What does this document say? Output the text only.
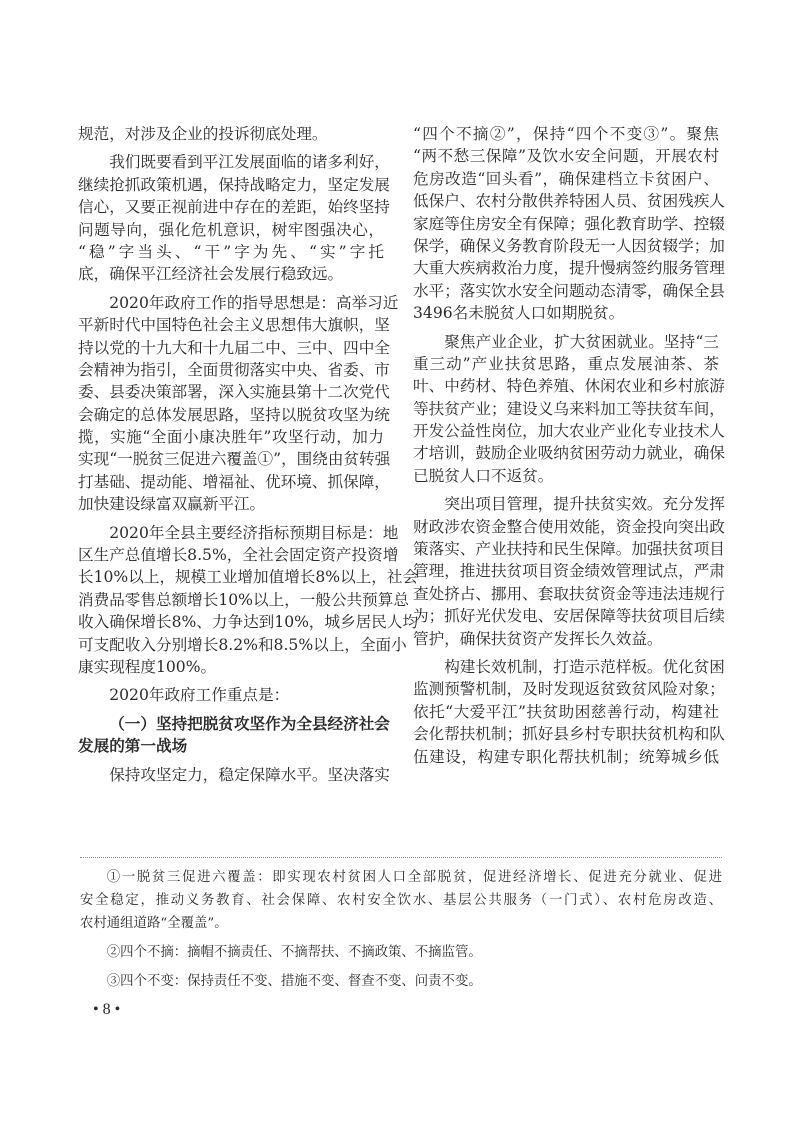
规范，对涉及企业的投诉彻底处理。
我们既要看到平江发展面临的诸多利好，
继续抢抓政策机遇，保持战略定力，坚定发展
信心，又要正视前进中存在的差距，始终坚持
问题导向，强化危机意识，树牢图强决心，
“稳”字当头、“干”字为先、“实”字托
底，确保平江经济社会发展行稳致远。
2020年政府工作的指导思想是：高举习近
平新时代中国特色社会主义思想伟大旗帜，坚
持以党的十九大和十九届二中、三中、四中全
会精神为指引，全面贯彻落实中央、省委、市
委、县委决策部署，深入实施县第十二次党代
会确定的总体发展思路，坚持以脱贫攻坚为统
揽，实施“全面小康决胜年”攻坚行动，加力
实现“一脱贫三促进六覆盖①”，围绕由贫转强
打基础、提动能、增福祉、优环境、抓保障，
加快建设绿富双赢新平江。
2020年全县主要经济指标预期目标是：地
区生产总值增长8.5%，全社会固定资产投资增
长10%以上，规模工业增加值增长8%以上，社会
消费品零售总额增长10%以上，一般公共预算总
收入确保增长8%、力争达到10%，城乡居民人均
可支配收入分别增长8.2%和8.5%以上，全面小
康实现程度100%。
2020年政府工作重点是：
（一）坚持把脱贫攻坚作为全县经济社会
发展的第一战场
保持攻坚定力，稳定保障水平。坚决落实
“四个不摘②”，保持“四个不变③”。聚焦
“两不愁三保障”及饮水安全问题，开展农村
危房改造“回头看”，确保建档立卡贫困户、
低保户、农村分散供养特困人员、贫困残疾人
家庭等住房安全有保障；强化教育助学、控辍
保学，确保义务教育阶段无一人因贫辍学；加
大重大疾病救治力度，提升慢病签约服务管理
水平；落实饮水安全问题动态清零，确保全县
3496名未脱贫人口如期脱贫。
聚焦产业企业，扩大贫困就业。坚持“三
重三动”产业扶贫思路，重点发展油茶、茶
叶、中药材、特色养殖、休闲农业和乡村旅游
等扶贫产业；建设义乌来料加工等扶贫车间，
开发公益性岗位，加大农业产业化专业技术人
才培训，鼓励企业吸纳贫困劳动力就业，确保
已脱贫人口不返贫。
突出项目管理，提升扶贫实效。充分发挥
财政涉农资金整合使用效能，资金投向突出政
策落实、产业扶持和民生保障。加强扶贫项目
管理，推进扶贫项目资金绩效管理试点，严肃
查处挤占、挪用、套取扶贫资金等违法违规行
为；抓好光伏发电、安居保障等扶贫项目后续
管护，确保扶贫资产发挥长久效益。
构建长效机制，打造示范样板。优化贫困
监测预警机制，及时发现返贫致贫风险对象；
依托“大爱平江”扶贫助困慈善行动，构建社
会化帮扶机制；抓好县乡村专职扶贫机构和队
伍建设，构建专职化帮扶机制；统筹城乡低
①一脱贫三促进六覆盖：即实现农村贫困人口全部脱贫，促进经济增长、促进充分就业、促进
安全稳定，推动义务教育、社会保障、农村安全饮水、基层公共服务（一门式）、农村危房改造、
农村通组道路“全覆盖”。
②四个不摘：摘帽不摘责任、不摘帮扶、不摘政策、不摘监管。
③四个不变：保持责任不变、措施不变、督查不变、问责不变。
• 8 •
